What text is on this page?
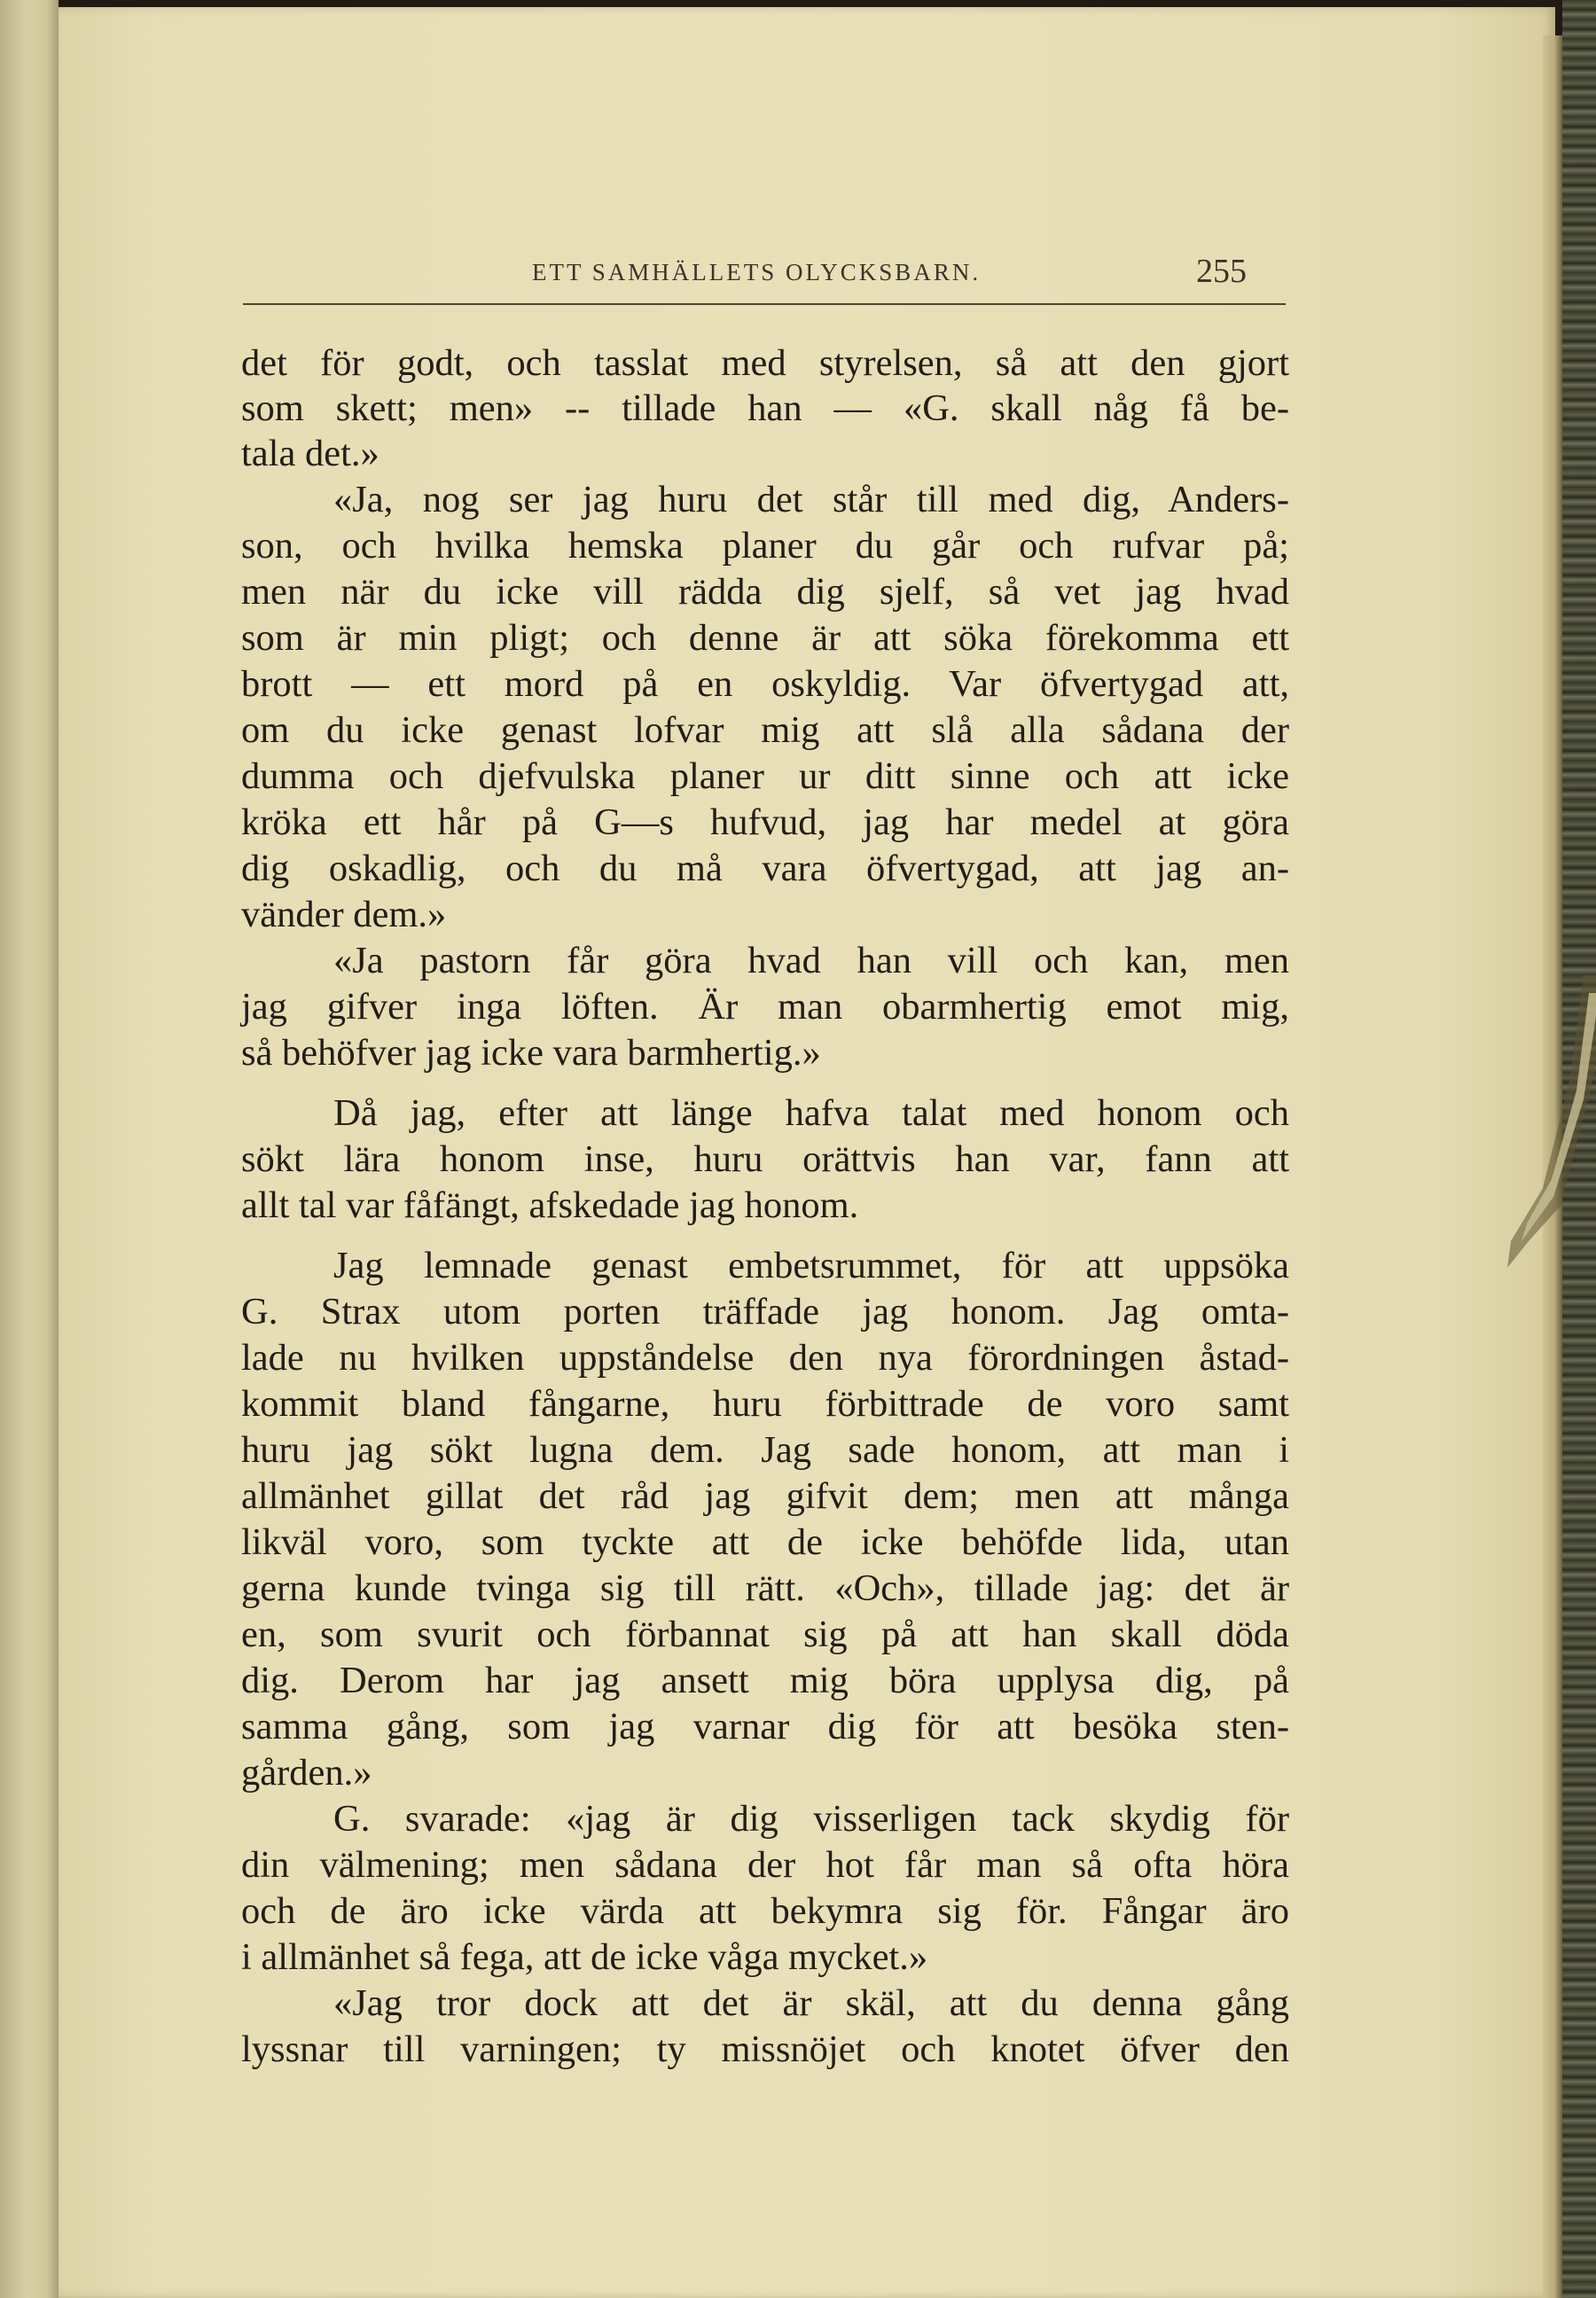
ETT SAMHÄLLETS OLYCKSBARN.	255
det för godt, och tasslat med styrelsen, så att den gjort
som skett; men» -- tillade han — «G. skall någ få be-
tala det.»
«Ja, nog ser jag huru det står till med dig, Anders-
son, och hvilka hemska planer du går och rufvar på;
men när du icke vill rädda dig sjelf, så vet jag hvad
som är min pligt; och denne är att söka förekomma ett
brott — ett mord på en oskyldig. Var öfvertygad att,
om du icke genast lofvar mig att slå alla sådana der
dumma och djefvulska planer ur ditt sinne och att icke
kröka ett hår på G—s hufvud, jag har medel at göra
dig oskadlig, och du må vara öfvertygad, att jag an-
vänder dem.»
«Ja pastorn får göra hvad han vill och kan, men
jag gifver inga löften. Är man obarmhertig emot mig,
så behöfver jag icke vara barmhertig.»
Då jag, efter att länge hafva talat med honom och
sökt lära honom inse, huru orättvis han var, fann att
allt tal var fåfängt, afskedade jag honom.
Jag lemnade genast embetsrummet, för att uppsöka
G. Strax utom porten träffade jag honom. Jag omta-
lade nu hvilken uppståndelse den nya förordningen åstad-
kommit bland fångarne, huru förbittrade de voro samt
huru jag sökt lugna dem. Jag sade honom, att man i
allmänhet gillat det råd jag gifvit dem; men att många
likväl voro, som tyckte att de icke behöfde lida, utan
gerna kunde tvinga sig till rätt. «Och», tillade jag: det är
en, som svurit och förbannat sig på att han skall döda
dig. Derom har jag ansett mig böra upplysa dig, på
samma gång, som jag varnar dig för att besöka sten-
gården.»
G. svarade: «jag är dig visserligen tack skydig för
din välmening; men sådana der hot får man så ofta höra
och de äro icke värda att bekymra sig för. Fångar äro
i allmänhet så fega, att de icke våga mycket.»
«Jag tror dock att det är skäl, att du denna gång
lyssnar till varningen; ty missnöjet och knotet öfver den
